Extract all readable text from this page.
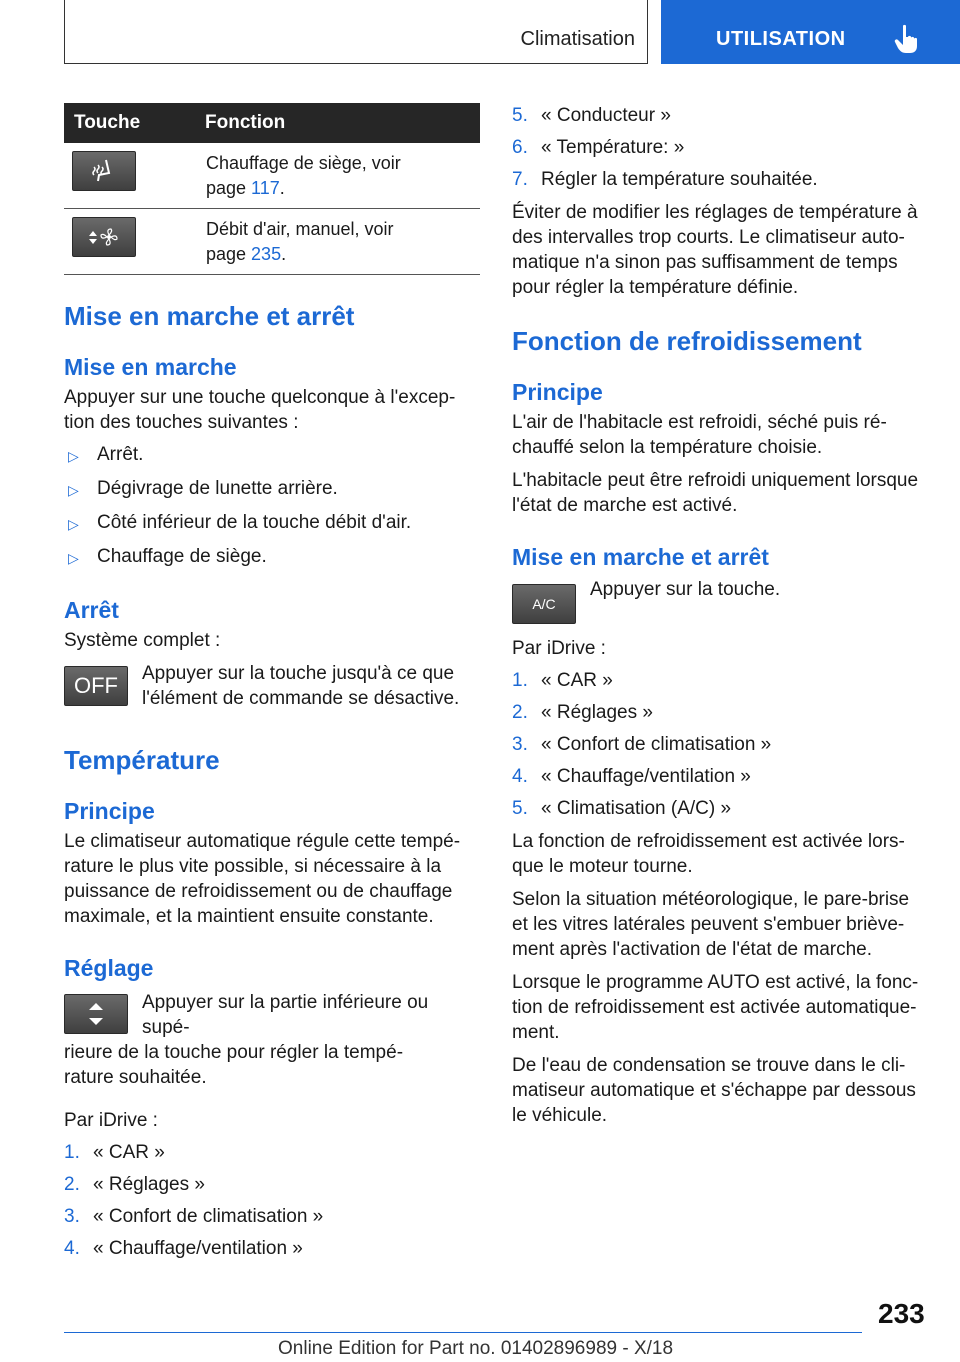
Climatisation	UTILISATION
Touche	Fonction
	Chauffage de siège, voir
page 117.
	Débit d'air, manuel, voir
page 235.
Mise en marche et arrêt
Mise en marche

Appuyer sur une touche quelconque à l'excep-
tion des touches suivantes :

▷ Arrêt.
▷ Dégivrage de lunette arrière.
▷ Côté inférieur de la touche débit d'air.
▷ Chauffage de siège.
Arrêt

Système complet :

OFF	Appuyer sur la touche jusqu'à ce que l'élément de commande se désactive.

Température
Principe

Le climatiseur automatique régule cette tempé-
rature le plus vite possible, si nécessaire à la
puissance de refroidissement ou de chauffage
maximale, et la maintient ensuite constante.

Réglage

Appuyer sur la partie inférieure ou supé-
rieure de la touche pour régler la tempé-
rature souhaitée.

Par iDrive :

1. « CAR »
2. « Réglages »
3. « Confort de climatisation »
4. « Chauffage/ventilation »
5. « Conducteur »
6. « Température: »
7. Régler la température souhaitée.

Éviter de modifier les réglages de température à
des intervalles trop courts. Le climatiseur auto-
matique n'a sinon pas suffisamment de temps
pour régler la température définie.

Fonction de refroidissement
Principe

L'air de l'habitacle est refroidi, séché puis ré-
chauffé selon la température choisie.

L'habitacle peut être refroidi uniquement lorsque
l'état de marche est activé.

Mise en marche et arrêt
A/C

Appuyer sur la touche.

Par iDrive :

1. « CAR »
2. « Réglages »
3. « Confort de climatisation »
4. « Chauffage/ventilation »
5. « Climatisation (A/C) »

La fonction de refroidissement est activée lors-
que le moteur tourne.

Selon la situation météorologique, le pare-brise
et les vitres latérales peuvent s'embuer briève-
ment après l'activation de l'état de marche.

Lorsque le programme AUTO est activé, la fonc-
tion de refroidissement est activée automatique-
ment.

De l'eau de condensation se trouve dans le cli-
matiseur automatique et s'échappe par dessous
le véhicule.

233
Online Edition for Part no. 01402896989 - X/18
